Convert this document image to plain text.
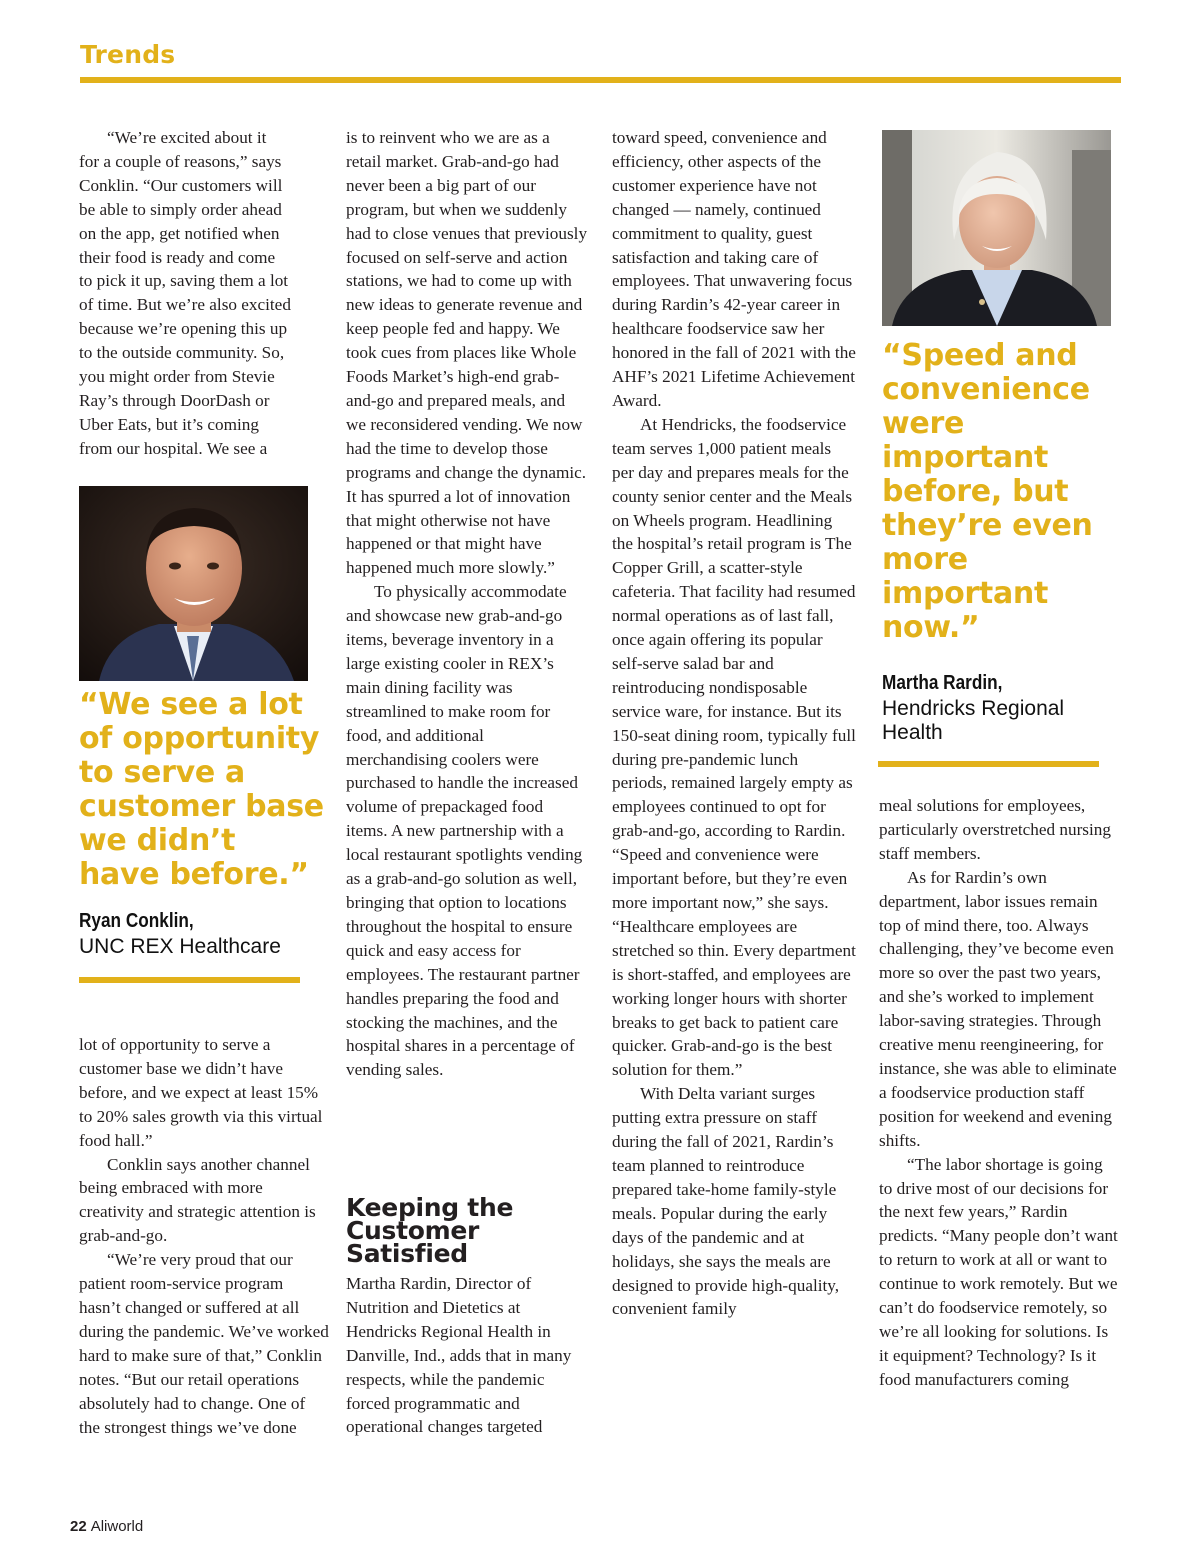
Trends

“We’re excited about it

for a couple of reasons,” says

Conklin. “Our customers will

be able to simply order ahead

on the app, get notified when

their food is ready and come

to pick it up, saving them a lot

of time. But we’re also excited

because we’re opening this up

to the outside community. So,

you might order from Stevie

Ray’s through DoorDash or

Uber Eats, but it’s coming

from our hospital. We see a

“We see a lot of opportunity to serve a customer base we didn’t have before.”

Ryan Conklin,
UNC REX Healthcare

lot of opportunity to serve a customer base we didn’t have before, and we expect at least 15% to 20% sales growth via this virtual food hall.”

Conklin says another channel being embraced with more creativity and strategic attention is grab-and-go.

“We’re very proud that our patient room-service program hasn’t changed or suffered at all during the pandemic. We’ve worked hard to make sure of that,” Conklin notes. “But our retail operations absolutely had to change. One of the strongest things we’ve done

is to reinvent who we are as a retail market. Grab-and-go had never been a big part of our program, but when we suddenly had to close venues that previously focused on self-serve and action stations, we had to come up with new ideas to generate revenue and keep people fed and happy. We took cues from places like Whole Foods Market’s high-end grab-and-go and prepared meals, and we reconsidered vending. We now had the time to develop those programs and change the dynamic. It has spurred a lot of innovation that might otherwise not have happened or that might have happened much more slowly.”

To physically accommodate and showcase new grab-and-go items, beverage inventory in a large existing cooler in REX’s main dining facility was streamlined to make room for food, and additional merchandising coolers were purchased to handle the increased volume of prepackaged food items. A new partnership with a local restaurant spotlights vending as a grab-and-go solution as well, bringing that option to locations throughout the hospital to ensure quick and easy access for employees. The restaurant partner handles preparing the food and stocking the machines, and the hospital shares in a percentage of vending sales.

Keeping the Customer Satisfied

Martha Rardin, Director of Nutrition and Dietetics at Hendricks Regional Health in Danville, Ind., adds that in many respects, while the pandemic forced programmatic and operational changes targeted

toward speed, convenience and efficiency, other aspects of the customer experience have not changed — namely, continued commitment to quality, guest satisfaction and taking care of employees. That unwavering focus during Rardin’s 42-year career in healthcare foodservice saw her honored in the fall of 2021 with the AHF’s 2021 Lifetime Achievement Award.

At Hendricks, the foodservice team serves 1,000 patient meals per day and prepares meals for the county senior center and the Meals on Wheels program. Headlining the hospital’s retail program is The Copper Grill, a scatter-style cafeteria. That facility had resumed normal operations as of last fall, once again offering its popular self-serve salad bar and reintroducing nondisposable service ware, for instance. But its 150-seat dining room, typically full during pre-pandemic lunch periods, remained largely empty as employees continued to opt for grab-and-go, according to Rardin. “Speed and convenience were important before, but they’re even more important now,” she says. “Healthcare employees are stretched so thin. Every department is short-staffed, and employees are working longer hours with shorter breaks to get back to patient care quicker. Grab-and-go is the best solution for them.”

With Delta variant surges putting extra pressure on staff during the fall of 2021, Rardin’s team planned to reintroduce prepared take-home family-style meals. Popular during the early days of the pandemic and at holidays, she says the meals are designed to provide high-quality, convenient family

“Speed and convenience were important before, but they’re even more important now.”

Martha Rardin,
Hendricks Regional Health

meal solutions for employees, particularly overstretched nursing staff members.

As for Rardin’s own department, labor issues remain top of mind there, too. Always challenging, they’ve become even more so over the past two years, and she’s worked to implement labor-saving strategies. Through creative menu reengineering, for instance, she was able to eliminate a foodservice production staff position for weekend and evening shifts.

“The labor shortage is going to drive most of our decisions for the next few years,” Rardin predicts. “Many people don’t want to return to work at all or want to continue to work remotely. But we can’t do foodservice remotely, so we’re all looking for solutions. Is it equipment? Technology? Is it food manufacturers coming

22 Aliworld
